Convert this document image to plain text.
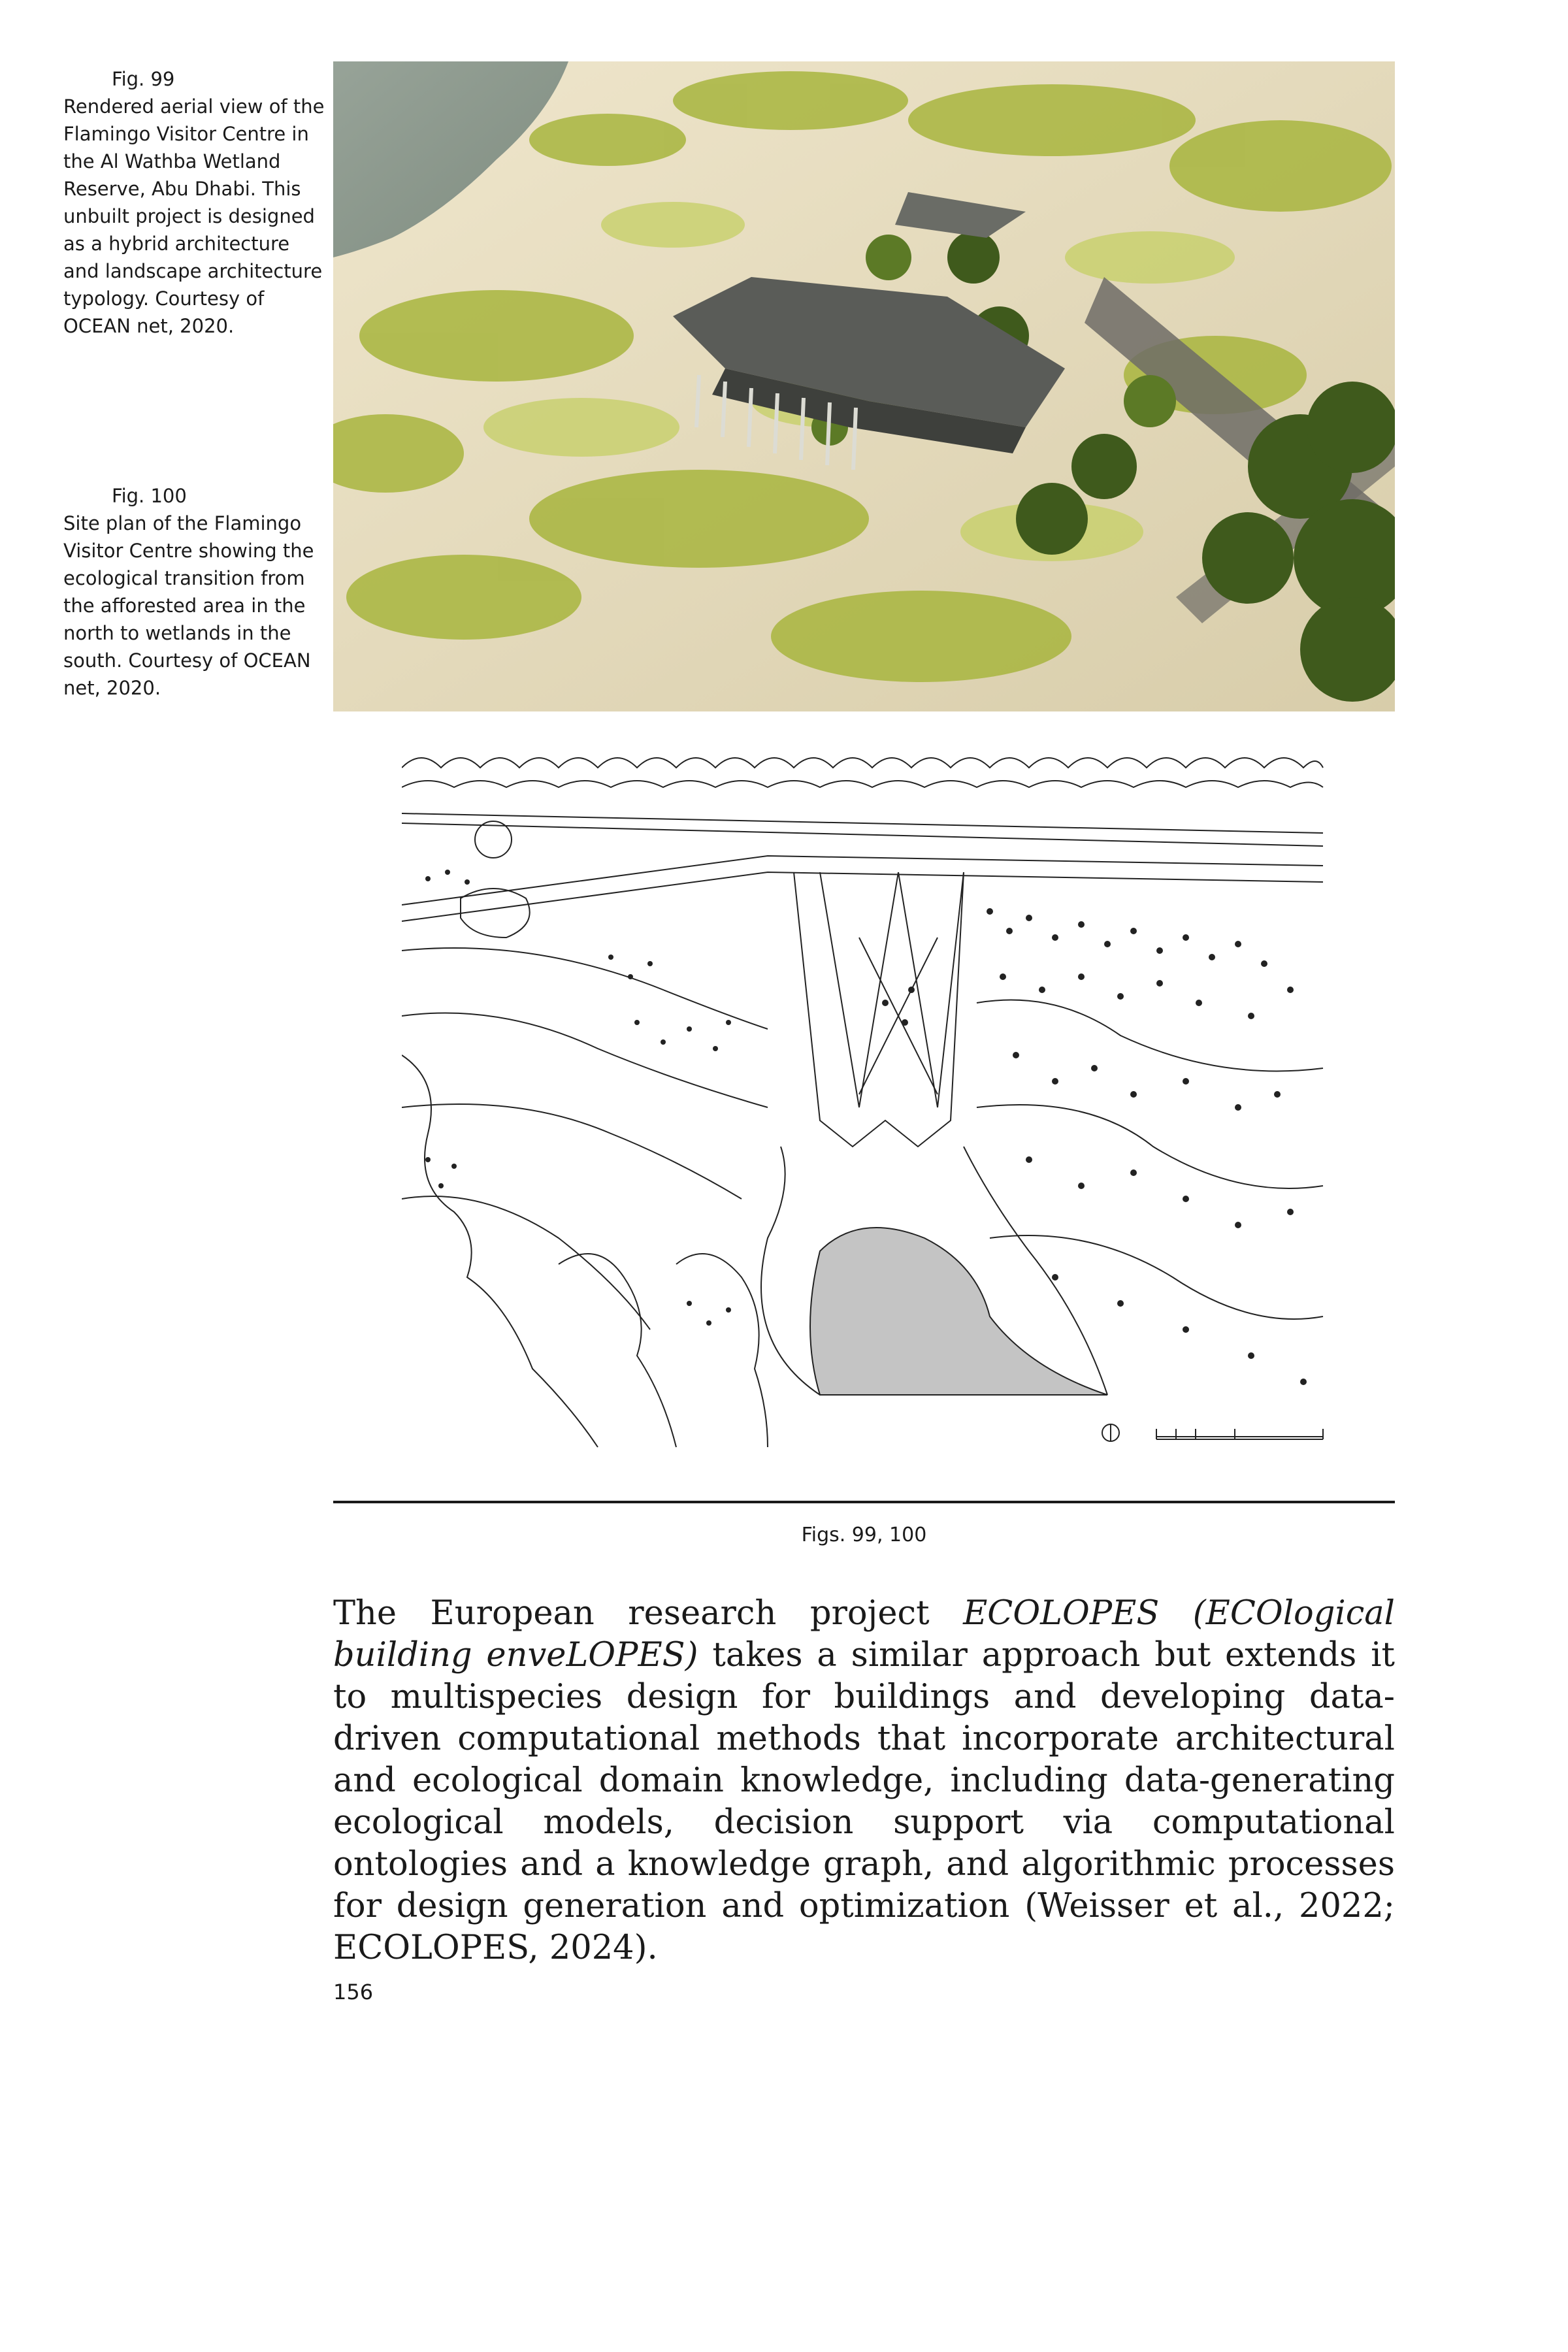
Fig. 99
Rendered aerial view of the Flamingo Visitor Centre in the Al Wathba Wetland Reserve, Abu Dhabi. This unbuilt project is designed as a hybrid architecture and landscape architecture typology. Courtesy of OCEAN net, 2020.
Fig. 100
Site plan of the Flamingo Visitor Centre showing the ecological transition from the afforested area in the north to wetlands in the south. Courtesy of OCEAN net, 2020.
Figs. 99, 100
The European research project ECOLOPES (ECOlogical building enveLOPES) takes a similar approach but extends it to multispecies design for buildings and developing data-driven computational methods that incorporate architectural and ecological domain knowledge, including data-generating ecological models, decision support via computational ontologies and a knowledge graph, and algorithmic processes for design generation and optimization (Weisser et al., 2022; ECOLOPES, 2024).
156
